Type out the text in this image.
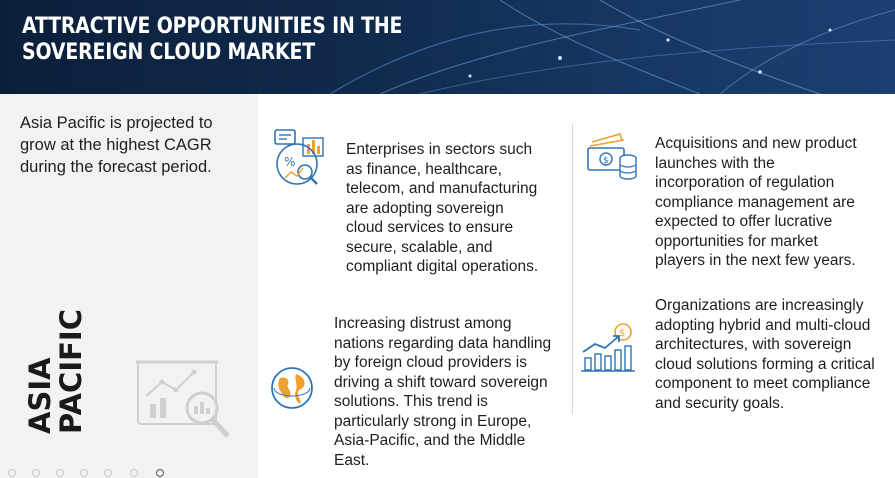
ATTRACTIVE OPPORTUNITIES IN THE
SOVEREIGN CLOUD MARKET
Asia Pacific is projected to
grow at the highest CAGR
during the forecast period.
ASIA
PACIFIC
%
Enterprises in sectors such
as finance, healthcare,
telecom, and manufacturing
are adopting sovereign
cloud services to ensure
secure, scalable, and
compliant digital operations.
$
Acquisitions and new product
launches with the
incorporation of regulation
compliance management are
expected to offer lucrative
opportunities for market
players in the next few years.
Increasing distrust among
nations regarding data handling
by foreign cloud providers is
driving a shift toward sovereign
solutions. This trend is
particularly strong in Europe,
Asia-Pacific, and the Middle
East.
$
Organizations are increasingly
adopting hybrid and multi-cloud
architectures, with sovereign
cloud solutions forming a critical
component to meet compliance
and security goals.
